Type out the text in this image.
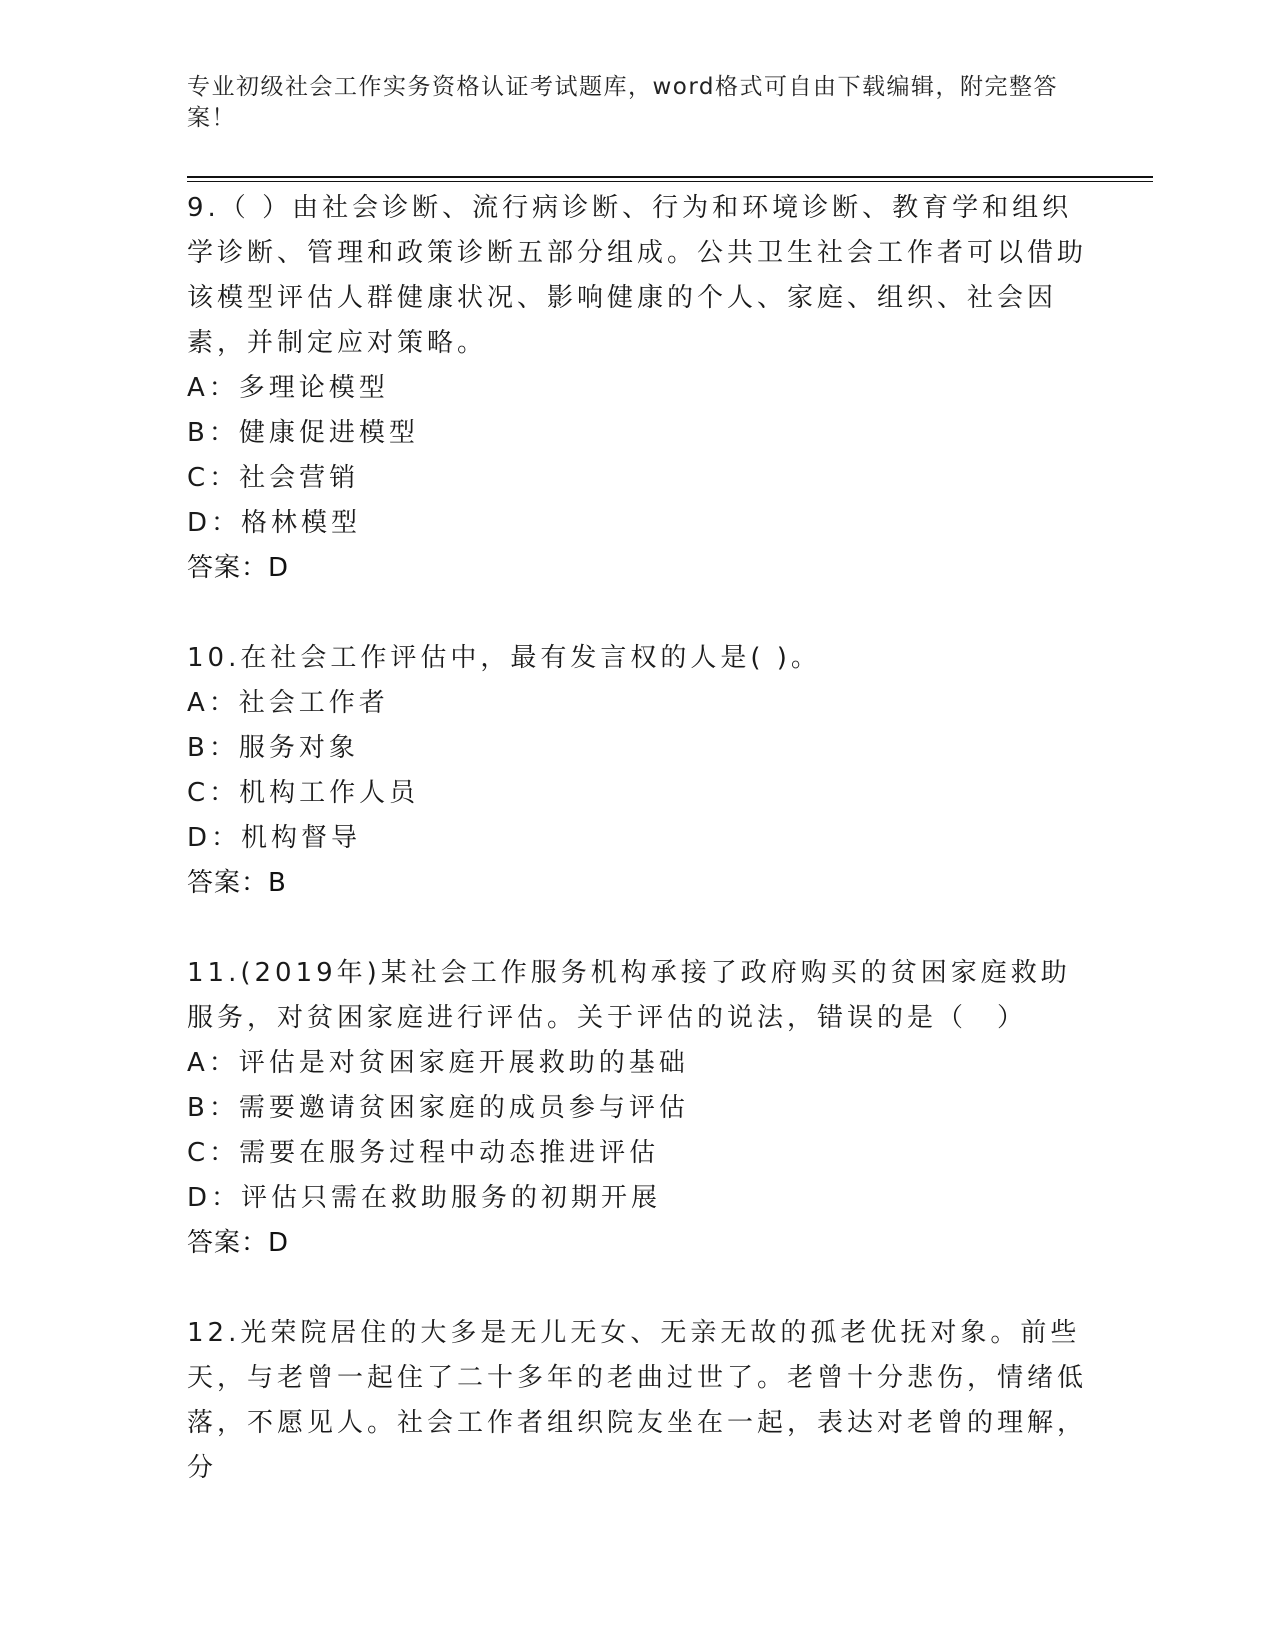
专业初级社会工作实务资格认证考试题库，word格式可自由下载编辑，附完整答案！

9.（ ）由社会诊断、流行病诊断、行为和环境诊断、教育学和组织学诊断、管理和政策诊断五部分组成。公共卫生社会工作者可以借助该模型评估人群健康状况、影响健康的个人、家庭、组织、社会因素，并制定应对策略。

A：多理论模型

B：健康促进模型

C：社会营销

D：格林模型

答案：D

10.在社会工作评估中，最有发言权的人是( )。

A：社会工作者

B：服务对象

C：机构工作人员

D：机构督导

答案：B

11.(2019年)某社会工作服务机构承接了政府购买的贫困家庭救助服务，对贫困家庭进行评估。关于评估的说法，错误的是（　）

A：评估是对贫困家庭开展救助的基础

B：需要邀请贫困家庭的成员参与评估

C：需要在服务过程中动态推进评估

D：评估只需在救助服务的初期开展

答案：D

12.光荣院居住的大多是无儿无女、无亲无故的孤老优抚对象。前些天，与老曾一起住了二十多年的老曲过世了。老曾十分悲伤，情绪低落，不愿见人。社会工作者组织院友坐在一起，表达对老曾的理解，分
